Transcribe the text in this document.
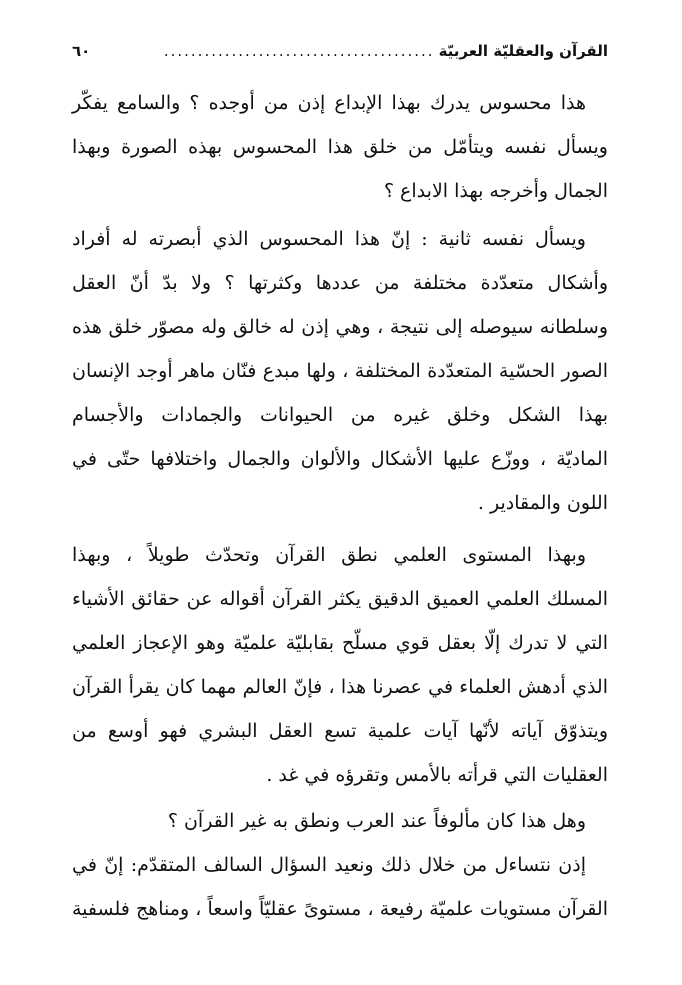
القرآن والعقليّة العربيّة
........................................
٦٠
هذا محسوس يدرك بهذا الإبداع إذن من أوجده ؟ والسامع يفكّر
ويسأل نفسه ويتأمّل من خلق هذا المحسوس بهذه الصورة وبهذا
الجمال وأخرجه بهذا الابداع ؟
ويسأل نفسه ثانية : إنّ هذا المحسوس الذي أبصرته له أفراد
وأشكال متعدّدة مختلفة من عددها وكثرتها ؟ ولا بدّ أنّ العقل
وسلطانه سيوصله إلى نتيجة ، وهي إذن له خالق وله مصوّر خلق هذه
الصور الحسّية المتعدّدة المختلفة ، ولها مبدع فنّان ماهر أوجد الإنسان
بهذا الشكل وخلق غيره من الحيوانات والجمادات والأجسام
الماديّة ، ووزّع عليها الأشكال والألوان والجمال واختلافها حتّى في
اللون والمقادير .
وبهذا المستوى العلمي نطق القرآن وتحدّث طويلاً ، وبهذا
المسلك العلمي العميق الدقيق يكثر القرآن أقواله عن حقائق الأشياء
التي لا تدرك إلّا بعقل قوي مسلّح بقابليّة علميّة وهو الإعجاز العلمي
الذي أدهش العلماء في عصرنا هذا ، فإنّ العالم مهما كان يقرأ القرآن
ويتذوّق آياته لأنّها آيات علمية تسع العقل البشري فهو أوسع من
العقليات التي قرأته بالأمس وتقرؤه في غد .
وهل هذا كان مألوفاً عند العرب ونطق به غير القرآن ؟
إذن نتساءل من خلال ذلك ونعيد السؤال السالف المتقدّم: إنّ في
القرآن مستويات علميّة رفيعة ، مستوىً عقليّاً واسعاً ، ومناهج فلسفية
